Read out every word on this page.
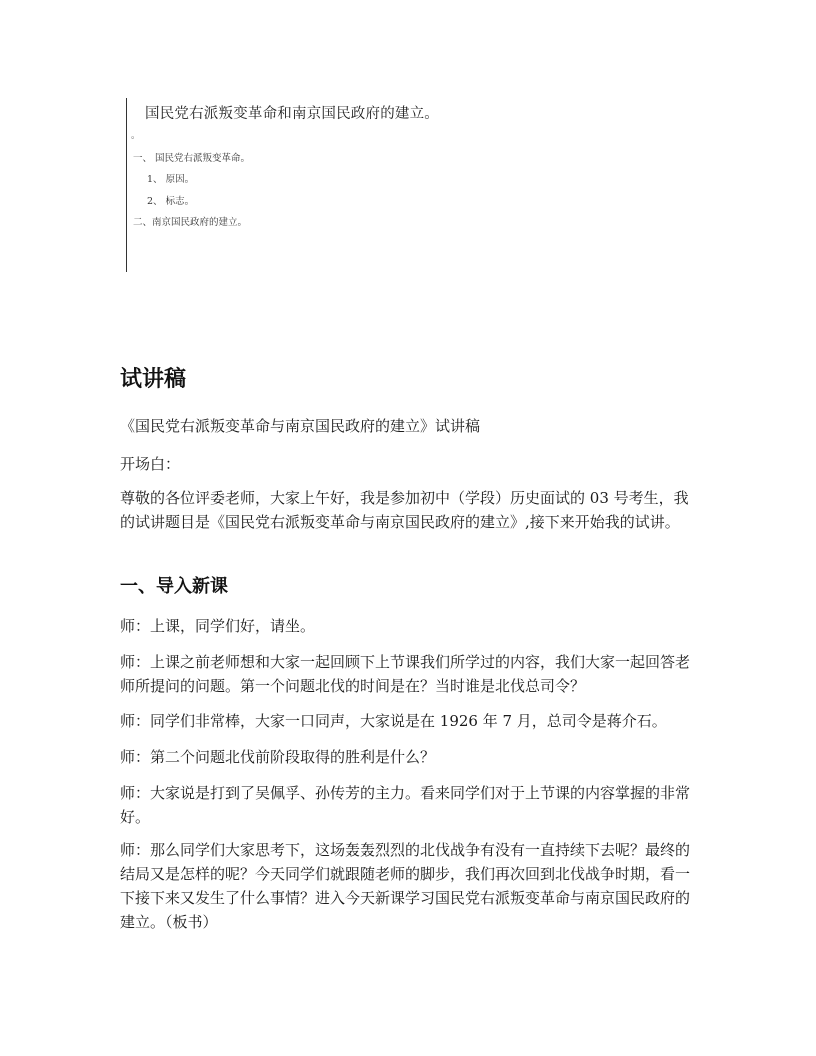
国民党右派叛变革命和南京国民政府的建立。
。
一、 国民党右派叛变革命。
1、 原因。
2、 标志。
二、南京国民政府的建立。
试讲稿
《国民党右派叛变革命与南京国民政府的建立》试讲稿
开场白：
尊敬的各位评委老师，大家上午好，我是参加初中（学段）历史面试的 03 号考生，我的试讲题目是《国民党右派叛变革命与南京国民政府的建立》,接下来开始我的试讲。
一、导入新课
师：上课，同学们好，请坐。
师：上课之前老师想和大家一起回顾下上节课我们所学过的内容，我们大家一起回答老师所提问的问题。第一个问题北伐的时间是在？当时谁是北伐总司令？
师：同学们非常棒，大家一口同声，大家说是在 1926 年 7 月，总司令是蒋介石。
师：第二个问题北伐前阶段取得的胜利是什么？
师：大家说是打到了吴佩孚、孙传芳的主力。看来同学们对于上节课的内容掌握的非常好。
师：那么同学们大家思考下，这场轰轰烈烈的北伐战争有没有一直持续下去呢？最终的结局又是怎样的呢？今天同学们就跟随老师的脚步，我们再次回到北伐战争时期，看一下接下来又发生了什么事情？进入今天新课学习国民党右派叛变革命与南京国民政府的建立。（板书）
